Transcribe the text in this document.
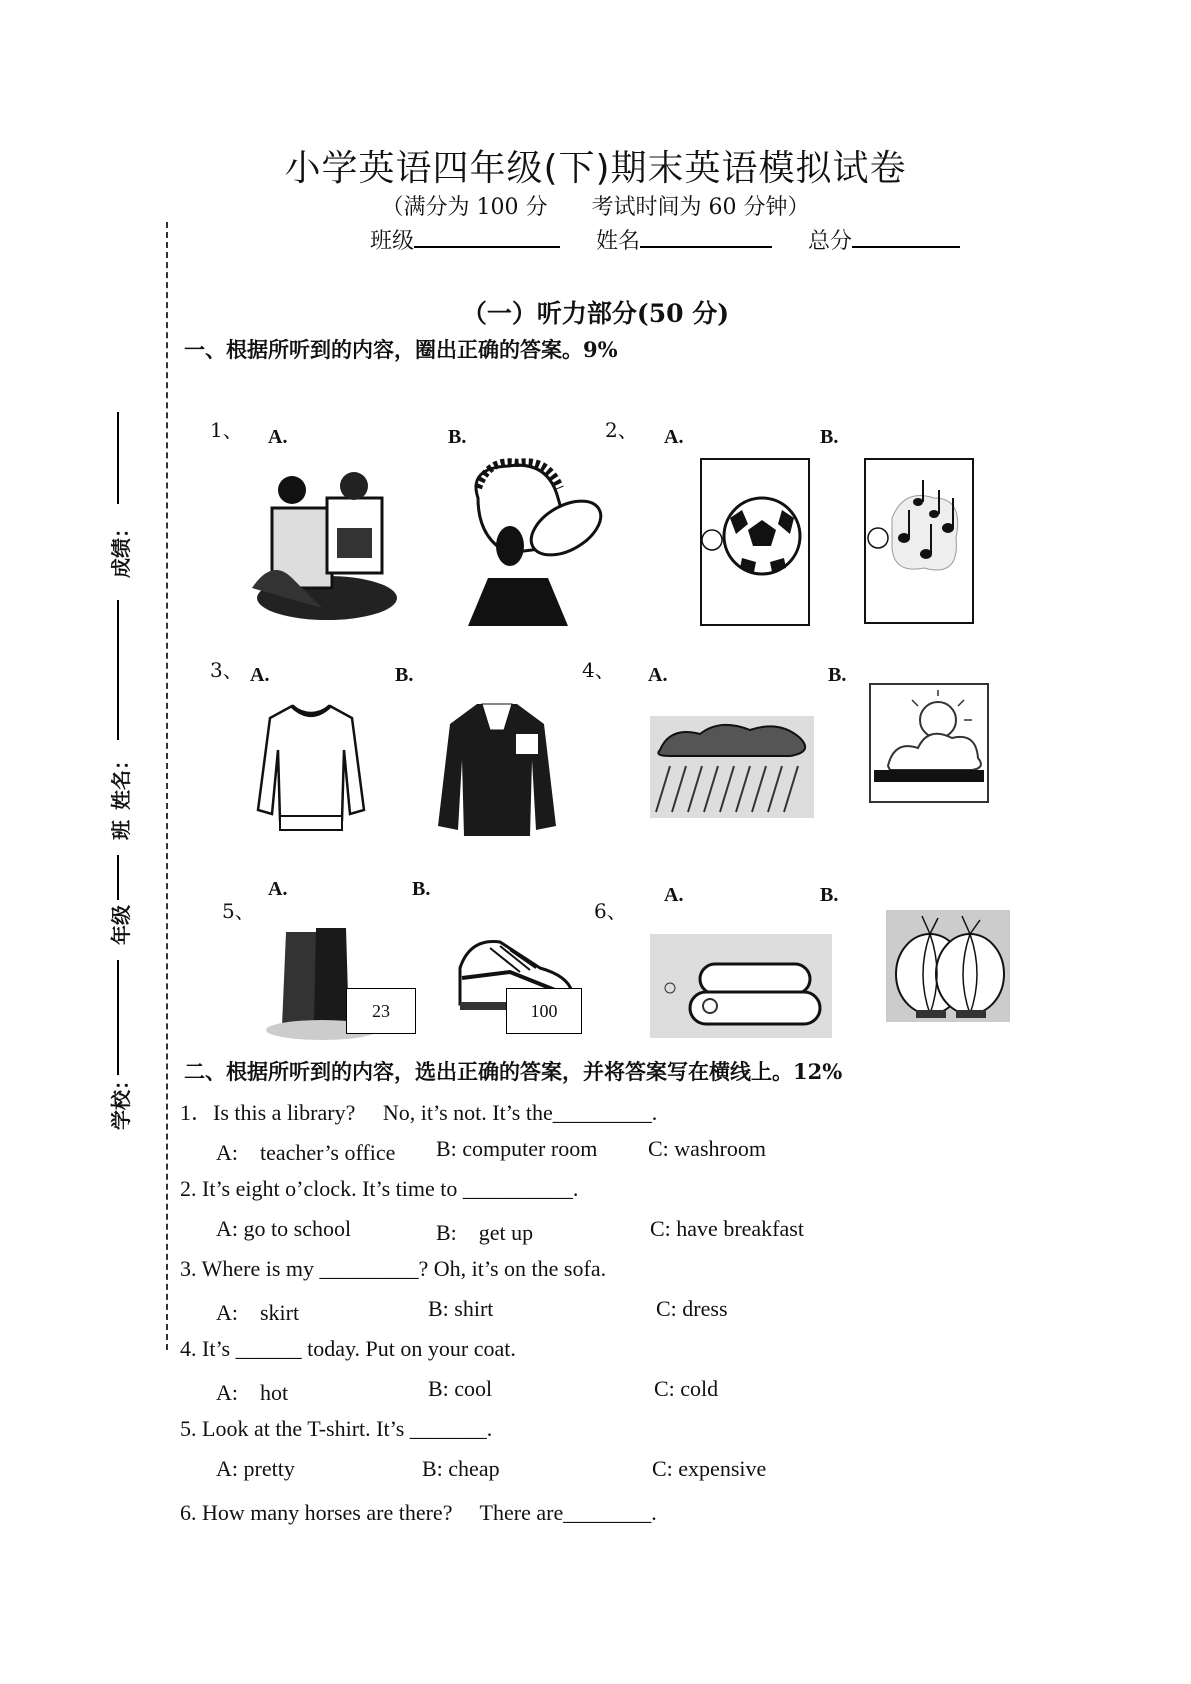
小学英语四年级(下)期末英语模拟试卷
（满分为 100 分　　考试时间为 60 分钟）
班级	姓名	总分
成绩：
姓名：
班
年级
学校：
（一）听力部分(50 分)
一、根据所听到的内容，圈出正确的答案。9%
1、 A.	B.	2、 A.	B.
3、 A.	B.	4、 A.	B.
5、
A.	B.
23	100
6、
A.	B.
二、根据所听到的内容，选出正确的答案，并将答案写在横线上。12%
1．Is this a library?　 No, it’s not. It’s the_________.
A:　teacher’s office B: computer room C: washroom
2. It’s eight o’clock. It’s time to __________.
A: go to school	B:　get up	C: have breakfast
3. Where is my _________? Oh, it’s on the sofa.
A:　skirt	B: shirt	C: dress
4. It’s ______ today. Put on your coat.
A:　hot	B: cool	C: cold
5. Look at the T-shirt. It’s _______.
A: pretty	B: cheap	C: expensive
6. How many horses are there?　 There are________.
